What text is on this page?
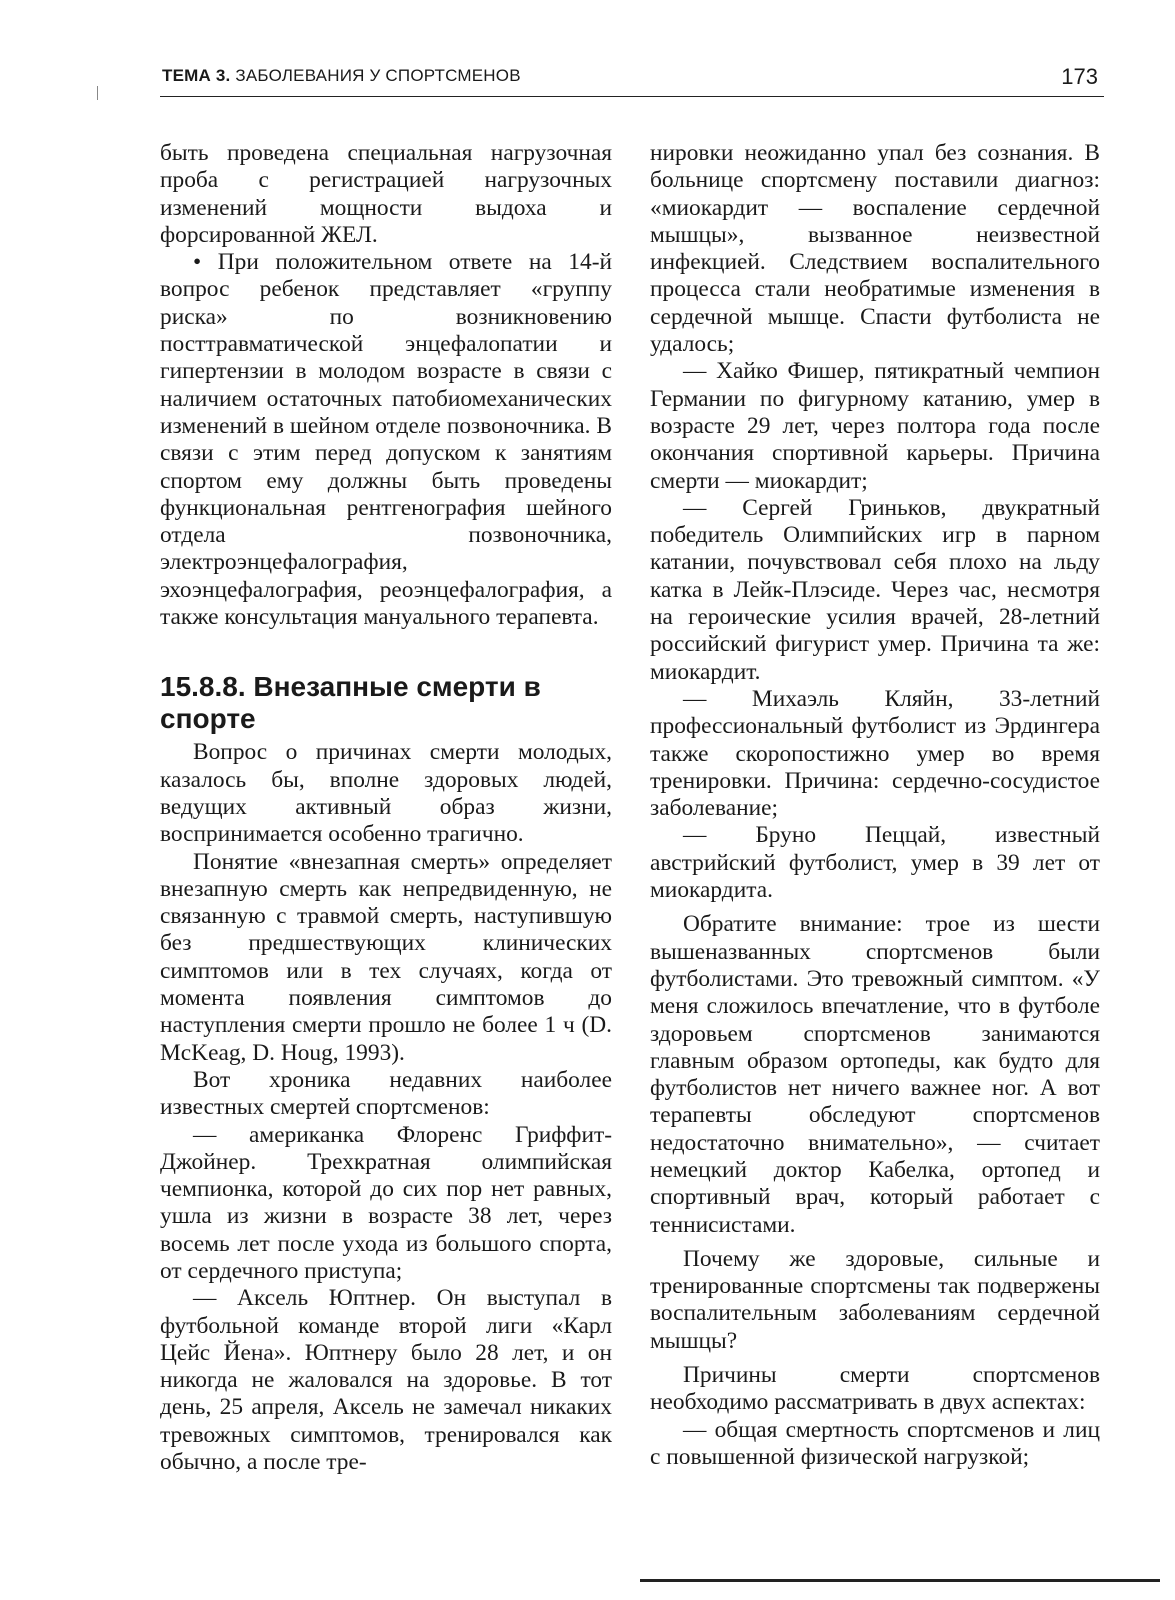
ТЕМА 3. ЗАБОЛЕВАНИЯ У СПОРТСМЕНОВ	173

быть проведена специальная нагрузочная проба с регистрацией нагрузочных изменений мощности выдоха и форсированной ЖЕЛ.

• При положительном ответе на 14-й вопрос ребенок представляет «группу риска» по возникновению посттравматической энцефалопатии и гипертензии в молодом возрасте в связи с наличием остаточных патобиомеханических изменений в шейном отделе позвоночника. В связи с этим перед допуском к занятиям спортом ему должны быть проведены функциональная рентгенография шейного отдела позвоночника, электроэнцефалография, эхоэнцефалография, реоэнцефалография, а также консультация мануального терапевта.

15.8.8. Внезапные смерти в спорте

Вопрос о причинах смерти молодых, казалось бы, вполне здоровых людей, ведущих активный образ жизни, воспринимается особенно трагично.

Понятие «внезапная смерть» определяет внезапную смерть как непредвиденную, не связанную с травмой смерть, наступившую без предшествующих клинических симптомов или в тех случаях, когда от момента появления симптомов до наступления смерти прошло не более 1 ч (D. McKeag, D. Houg, 1993).

Вот хроника недавних наиболее известных смертей спортсменов:

— американка Флоренс Гриффит-Джойнер. Трехкратная олимпийская чемпионка, которой до сих пор нет равных, ушла из жизни в возрасте 38 лет, через восемь лет после ухода из большого спорта, от сердечного приступа;

— Аксель Юптнер. Он выступал в футбольной команде второй лиги «Карл Цейс Йена». Юптнеру было 28 лет, и он никогда не жаловался на здоровье. В тот день, 25 апреля, Аксель не замечал никаких тревожных симптомов, тренировался как обычно, а после тре-

нировки неожиданно упал без сознания. В больнице спортсмену поставили диагноз: «миокардит — воспаление сердечной мышцы», вызванное неизвестной инфекцией. Следствием воспалительного процесса стали необратимые изменения в сердечной мышце. Спасти футболиста не удалось;

— Хайко Фишер, пятикратный чемпион Германии по фигурному катанию, умер в возрасте 29 лет, через полтора года после окончания спортивной карьеры. Причина смерти — миокардит;

— Сергей Гриньков, двукратный победитель Олимпийских игр в парном катании, почувствовал себя плохо на льду катка в Лейк-Плэсиде. Через час, несмотря на героические усилия врачей, 28-летний российский фигурист умер. Причина та же: миокардит.

— Михаэль Кляйн, 33-летний профессиональный футболист из Эрдингера также скоропостижно умер во время тренировки. Причина: сердечно-сосудистое заболевание;

— Бруно Пеццай, известный австрийский футболист, умер в 39 лет от миокардита.

Обратите внимание: трое из шести вышеназванных спортсменов были футболистами. Это тревожный симптом. «У меня сложилось впечатление, что в футболе здоровьем спортсменов занимаются главным образом ортопеды, как будто для футболистов нет ничего важнее ног. А вот терапевты обследуют спортсменов недостаточно внимательно», — считает немецкий доктор Кабелка, ортопед и спортивный врач, который работает с теннисистами.

Почему же здоровые, сильные и тренированные спортсмены так подвержены воспалительным заболеваниям сердечной мышцы?

Причины смерти спортсменов необходимо рассматривать в двух аспектах:

— общая смертность спортсменов и лиц с повышенной физической нагрузкой;
